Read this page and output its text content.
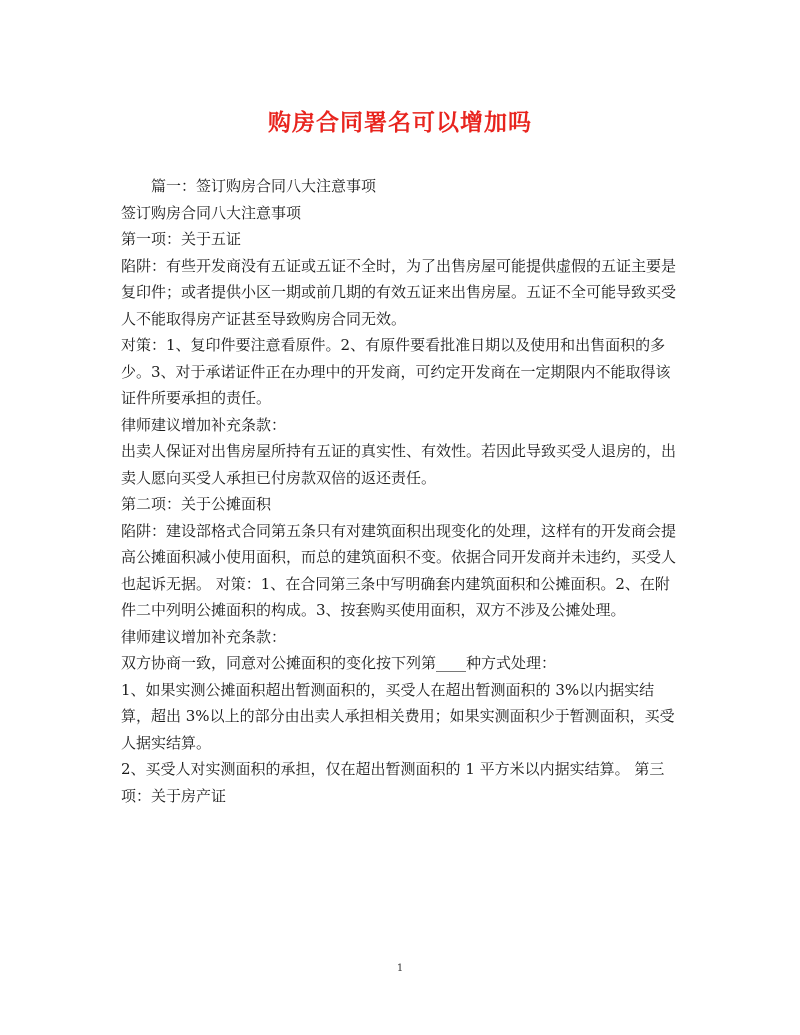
购房合同署名可以增加吗

篇一：签订购房合同八大注意事项

签订购房合同八大注意事项

第一项：关于五证

陷阱：有些开发商没有五证或五证不全时，为了出售房屋可能提供虚假的五证主要是复印件；或者提供小区一期或前几期的有效五证来出售房屋。五证不全可能导致买受人不能取得房产证甚至导致购房合同无效。

对策：1、复印件要注意看原件。2、有原件要看批准日期以及使用和出售面积的多少。3、对于承诺证件正在办理中的开发商，可约定开发商在一定期限内不能取得该证件所要承担的责任。

律师建议增加补充条款：

出卖人保证对出售房屋所持有五证的真实性、有效性。若因此导致买受人退房的，出卖人愿向买受人承担已付房款双倍的返还责任。

第二项：关于公摊面积

陷阱：建设部格式合同第五条只有对建筑面积出现变化的处理，这样有的开发商会提高公摊面积减小使用面积，而总的建筑面积不变。依据合同开发商并未违约，买受人也起诉无据。 对策：1、在合同第三条中写明确套内建筑面积和公摊面积。2、在附件二中列明公摊面积的构成。3、按套购买使用面积，双方不涉及公摊处理。

律师建议增加补充条款：

双方协商一致，同意对公摊面积的变化按下列第____种方式处理：

1、如果实测公摊面积超出暂测面积的，买受人在超出暂测面积的 3%以内据实结算，超出 3%以上的部分由出卖人承担相关费用；如果实测面积少于暂测面积，买受人据实结算。

2、买受人对实测面积的承担，仅在超出暂测面积的 1 平方米以内据实结算。 第三项：关于房产证

1
